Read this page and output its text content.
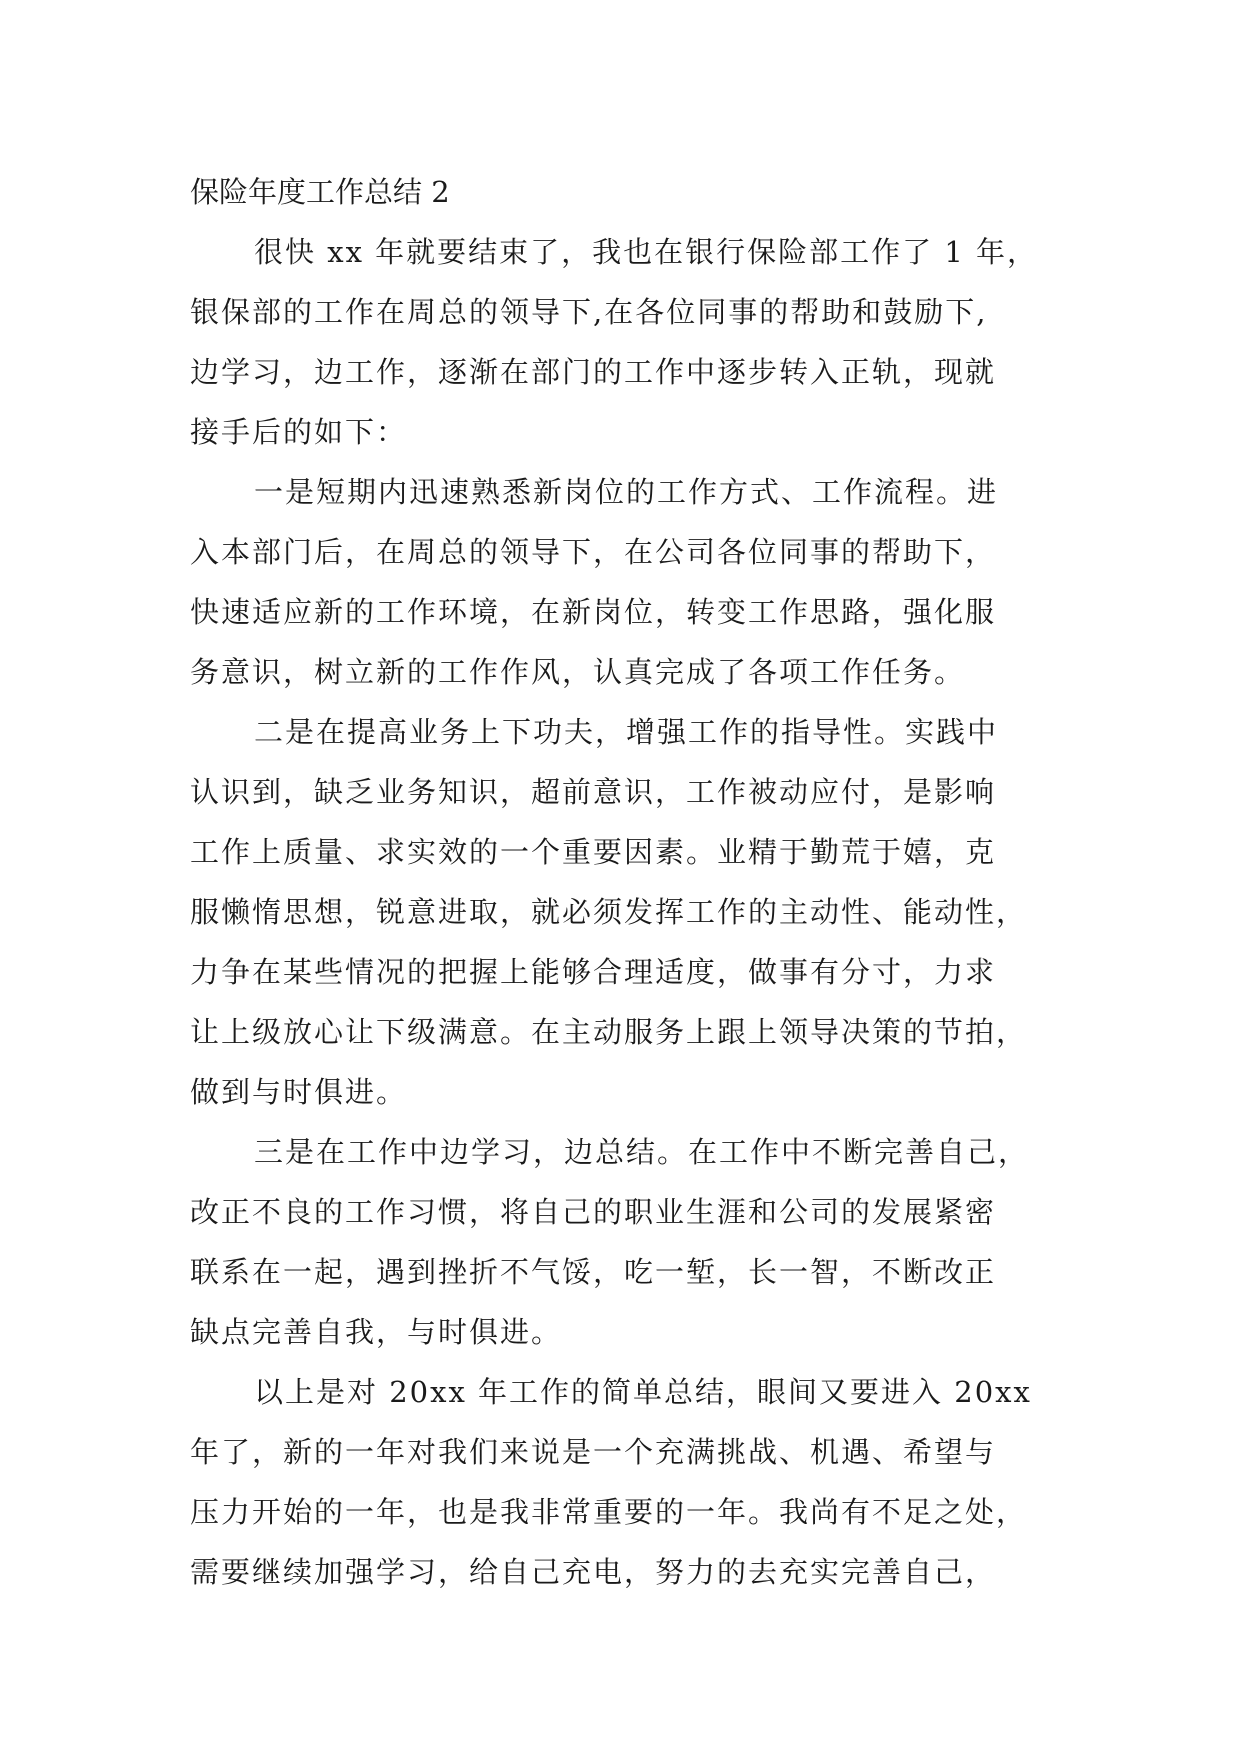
保险年度工作总结 2
很快 xx 年就要结束了，我也在银行保险部工作了 1 年，
银保部的工作在周总的领导下,在各位同事的帮助和鼓励下,
边学习，边工作，逐渐在部门的工作中逐步转入正轨，现就
接手后的如下：
一是短期内迅速熟悉新岗位的工作方式、工作流程。进
入本部门后，在周总的领导下，在公司各位同事的帮助下，
快速适应新的工作环境，在新岗位，转变工作思路，强化服
务意识，树立新的工作作风，认真完成了各项工作任务。
二是在提高业务上下功夫，增强工作的指导性。实践中
认识到，缺乏业务知识，超前意识，工作被动应付，是影响
工作上质量、求实效的一个重要因素。业精于勤荒于嬉，克
服懒惰思想，锐意进取，就必须发挥工作的主动性、能动性，
力争在某些情况的把握上能够合理适度，做事有分寸，力求
让上级放心让下级满意。在主动服务上跟上领导决策的节拍，
做到与时俱进。
三是在工作中边学习，边总结。在工作中不断完善自己，
改正不良的工作习惯，将自己的职业生涯和公司的发展紧密
联系在一起，遇到挫折不气馁，吃一堑，长一智，不断改正
缺点完善自我，与时俱进。
以上是对 20xx 年工作的简单总结，眼间又要进入 20xx
年了，新的一年对我们来说是一个充满挑战、机遇、希望与
压力开始的一年，也是我非常重要的一年。我尚有不足之处，
需要继续加强学习，给自己充电，努力的去充实完善自己，
